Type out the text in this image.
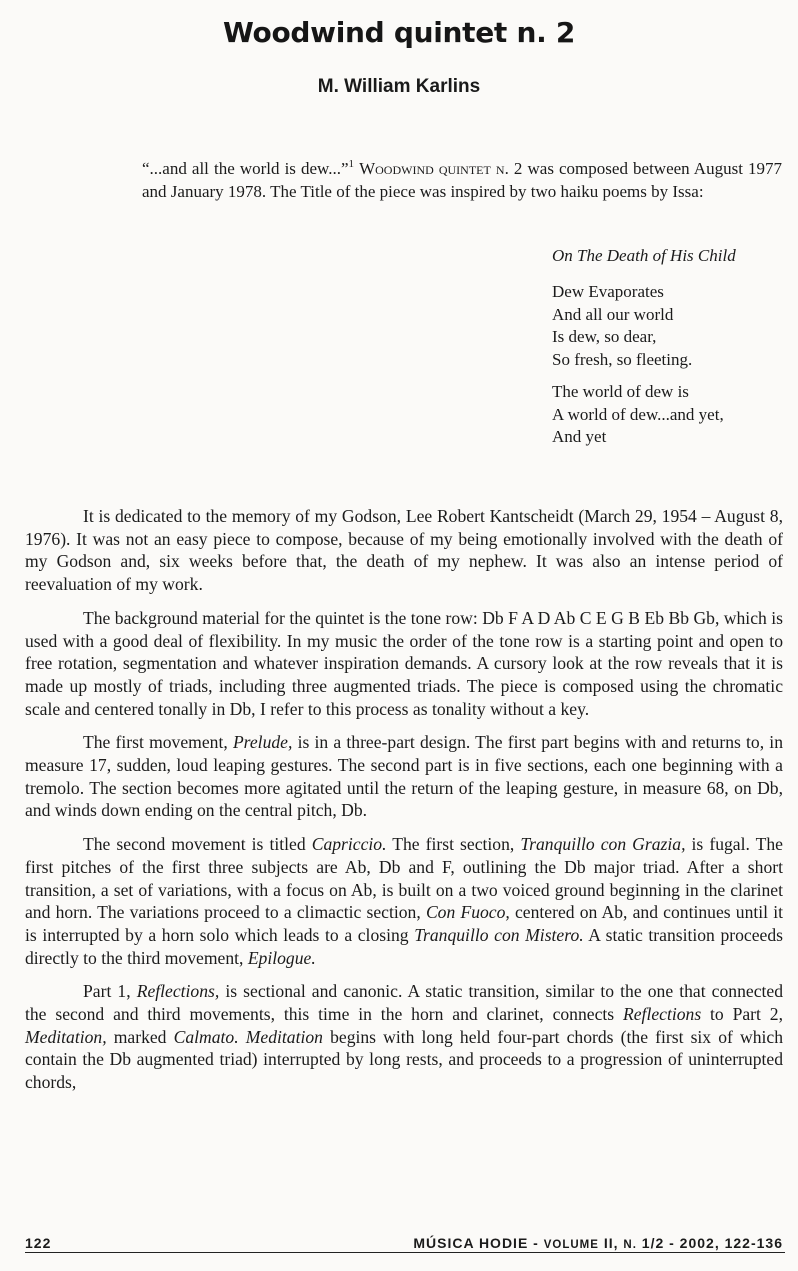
Woodwind quintet n. 2
M. William Karlins
“...and all the world is dew...”$^1$ Woodwind quintet n. 2 was composed between August 1977 and January 1978. The Title of the piece was inspired by two haiku poems by Issa:
On The Death of His Child
Dew Evaporates
And all our world
Is dew, so dear,
So fresh, so fleeting.
The world of dew is
A world of dew...and yet,
And yet

It is dedicated to the memory of my Godson, Lee Robert Kantscheidt (March 29, 1954 – August 8, 1976). It was not an easy piece to compose, because of my being emotionally involved with the death of my Godson and, six weeks before that, the death of my nephew. It was also an intense period of reevaluation of my work.

The background material for the quintet is the tone row: Db F A D Ab C E G B Eb Bb Gb, which is used with a good deal of flexibility. In my music the order of the tone row is a starting point and open to free rotation, segmentation and whatever inspiration demands. A cursory look at the row reveals that it is made up mostly of triads, including three augmented triads. The piece is composed using the chromatic scale and centered tonally in Db, I refer to this process as tonality without a key.

The first movement, Prelude, is in a three-part design. The first part begins with and returns to, in measure 17, sudden, loud leaping gestures. The second part is in five sections, each one beginning with a tremolo. The section becomes more agitated until the return of the leaping gesture, in measure 68, on Db, and winds down ending on the central pitch, Db.

The second movement is titled Capriccio. The first section, Tranquillo con Grazia, is fugal. The first pitches of the first three subjects are Ab, Db and F, outlining the Db major triad. After a short transition, a set of variations, with a focus on Ab, is built on a two voiced ground beginning in the clarinet and horn. The variations proceed to a climactic section, Con Fuoco, centered on Ab, and continues until it is interrupted by a horn solo which leads to a closing Tranquillo con Mistero. A static transition proceeds directly to the third movement, Epilogue.

Part 1, Reflections, is sectional and canonic. A static transition, similar to the one that connected the second and third movements, this time in the horn and clarinet, connects Reflections to Part 2, Meditation, marked Calmato. Meditation begins with long held four-part chords (the first six of which contain the Db augmented triad) interrupted by long rests, and proceeds to a progression of uninterrupted chords,

122	MÚSICA HODIE - VOLUME II, N. 1/2 - 2002, 122-136
